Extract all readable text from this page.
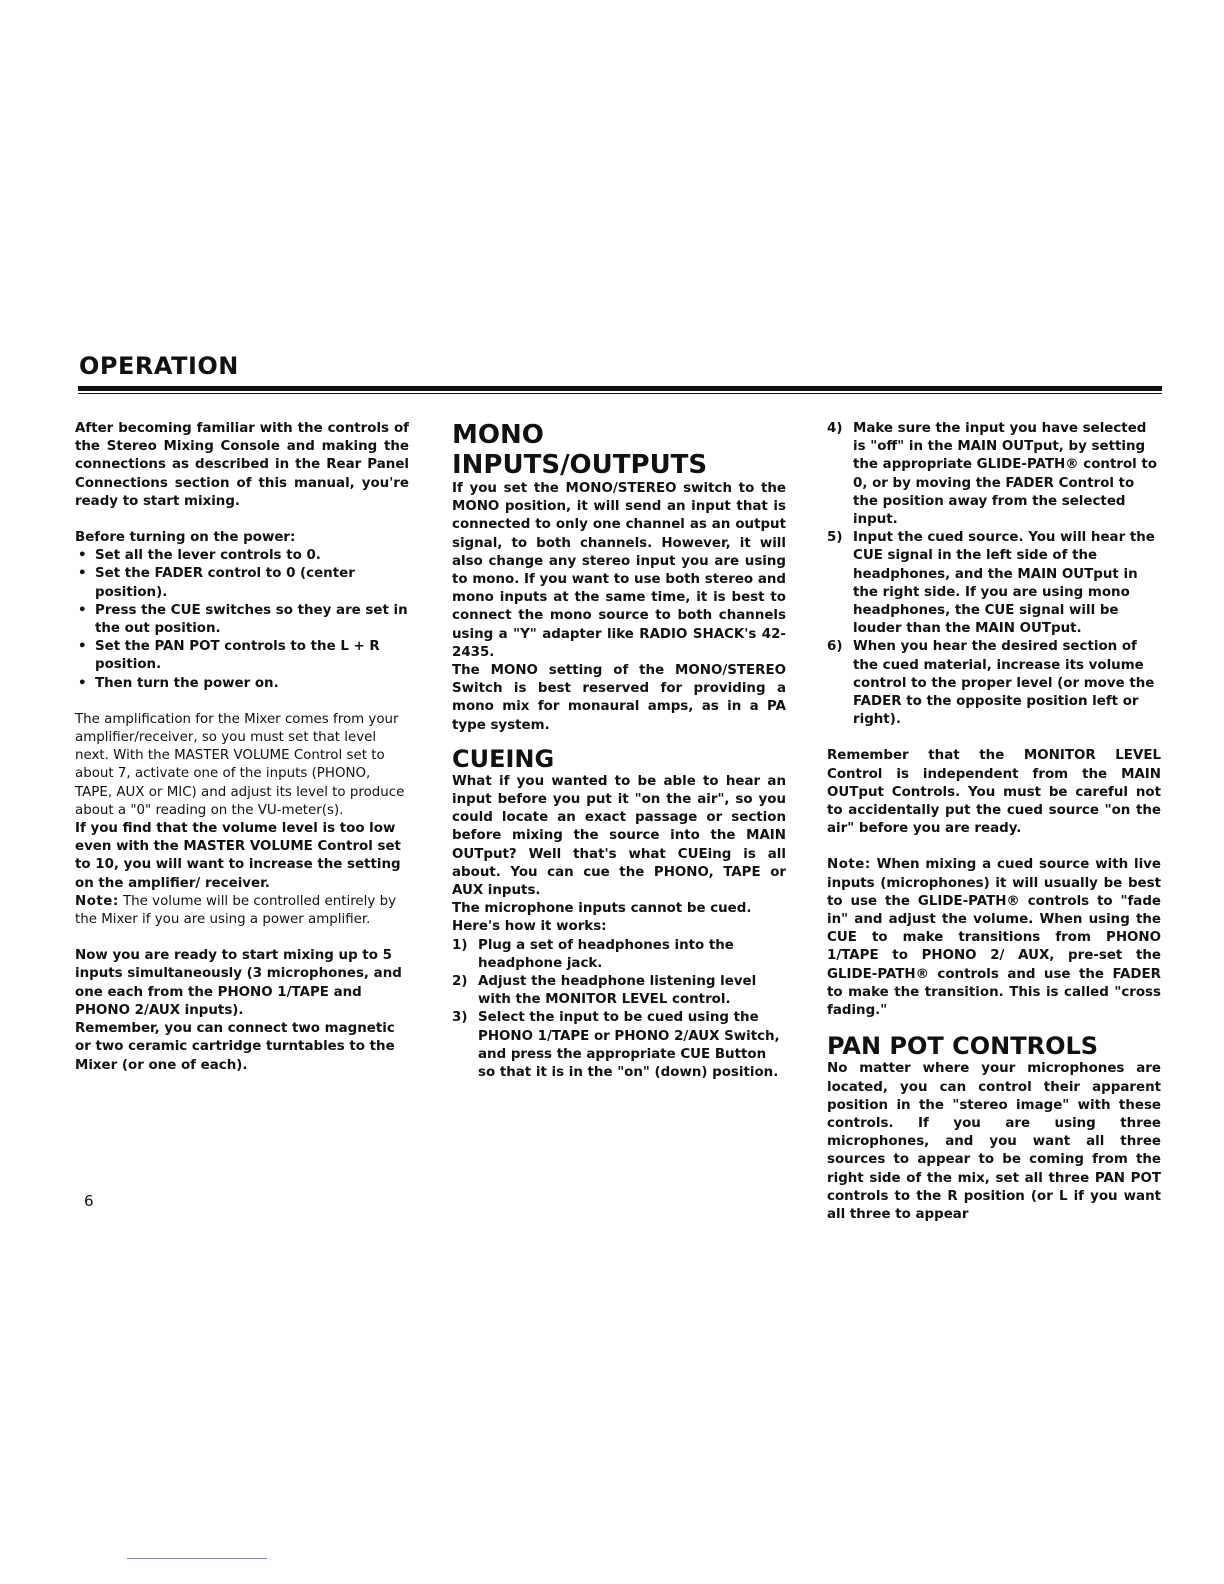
OPERATION

After becoming familiar with the controls of the Stereo Mixing Console and making the connections as described in the Rear Panel Connections section of this manual, you're ready to start mixing.

Before turning on the power:

• Set all the lever controls to 0.
• Set the FADER control to 0 (center position).
• Press the CUE switches so they are set in the out position.
• Set the PAN POT controls to the L + R position.
• Then turn the power on.

The amplification for the Mixer comes from your amplifier/receiver, so you must set that level next. With the MASTER VOLUME Control set to about 7, activate one of the inputs (PHONO, TAPE, AUX or MIC) and adjust its level to produce about a "0" reading on the VU-meter(s).

If you find that the volume level is too low even with the MASTER VOLUME Control set to 10, you will want to increase the setting on the amplifier/ receiver.

Note: The volume will be controlled entirely by the Mixer if you are using a power amplifier.

Now you are ready to start mixing up to 5 inputs simultaneously (3 microphones, and one each from the PHONO 1/TAPE and PHONO 2/AUX inputs).

Remember, you can connect two magnetic or two ceramic cartridge turntables to the Mixer (or one of each).

MONO INPUTS/OUTPUTS

If you set the MONO/STEREO switch to the MONO position, it will send an input that is connected to only one channel as an output signal, to both channels. However, it will also change any stereo input you are using to mono. If you want to use both stereo and mono inputs at the same time, it is best to connect the mono source to both channels using a "Y" adapter like RADIO SHACK's 42-2435.

The MONO setting of the MONO/STEREO Switch is best reserved for providing a mono mix for monaural amps, as in a PA type system.

CUEING

What if you wanted to be able to hear an input before you put it "on the air", so you could locate an exact passage or section before mixing the source into the MAIN OUTput? Well that's what CUEing is all about. You can cue the PHONO, TAPE or AUX inputs.

The microphone inputs cannot be cued.

Here's how it works:

1) Plug a set of headphones into the headphone jack.
2) Adjust the headphone listening level with the MONITOR LEVEL control.
3) Select the input to be cued using the PHONO 1/TAPE or PHONO 2/AUX Switch, and press the appropriate CUE Button so that it is in the "on" (down) position.
4) Make sure the input you have selected is "off" in the MAIN OUTput, by setting the appropriate GLIDE-PATH® control to 0, or by moving the FADER Control to the position away from the selected input.
5) Input the cued source. You will hear the CUE signal in the left side of the headphones, and the MAIN OUTput in the right side. If you are using mono headphones, the CUE signal will be louder than the MAIN OUTput.
6) When you hear the desired section of the cued material, increase its volume control to the proper level (or move the FADER to the opposite position left or right).

Remember that the MONITOR LEVEL Control is independent from the MAIN OUTput Controls. You must be careful not to accidentally put the cued source "on the air" before you are ready.

Note: When mixing a cued source with live inputs (microphones) it will usually be best to use the GLIDE-PATH® controls to "fade in" and adjust the volume. When using the CUE to make transitions from PHONO 1/TAPE to PHONO 2/ AUX, pre-set the GLIDE-PATH® controls and use the FADER to make the transition. This is called "cross fading."

PAN POT CONTROLS

No matter where your microphones are located, you can control their apparent position in the "stereo image" with these controls. If you are using three microphones, and you want all three sources to appear to be coming from the right side of the mix, set all three PAN POT controls to the R position (or L if you want all three to appear

6
